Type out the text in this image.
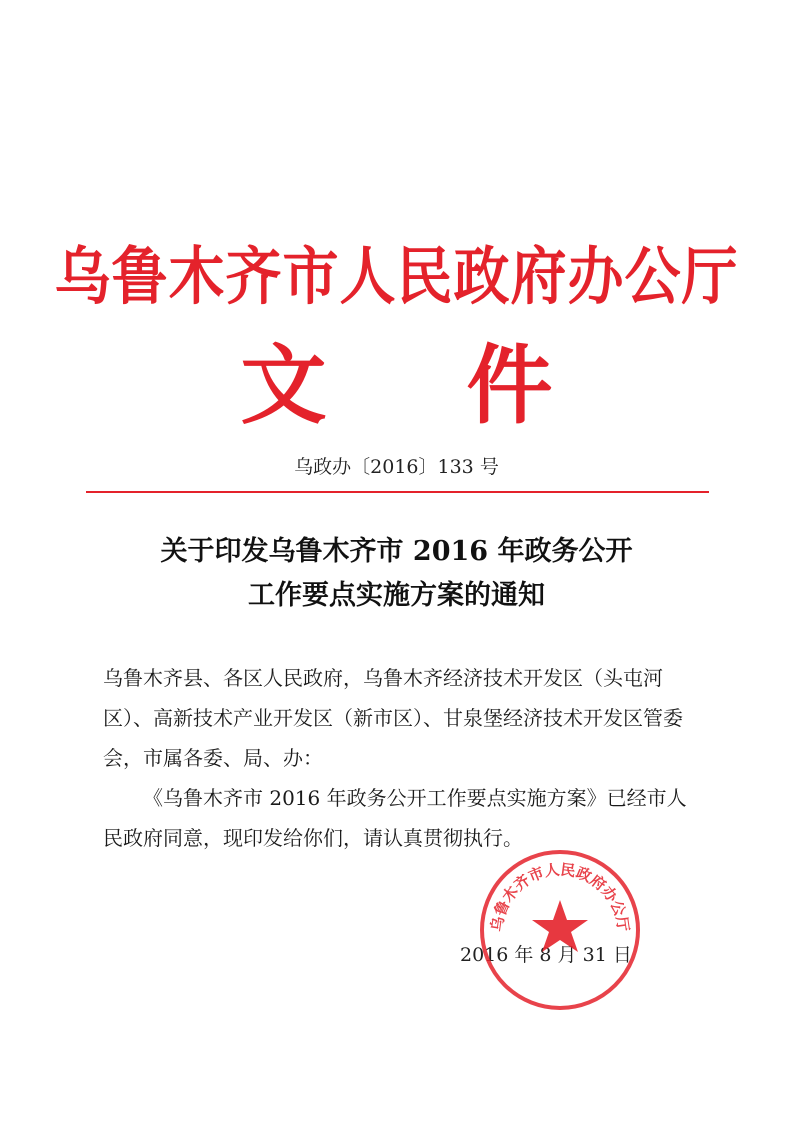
乌鲁木齐市人民政府办公厅
文 件
乌政办〔2016〕133 号
关于印发乌鲁木齐市 2016 年政务公开
工作要点实施方案的通知

乌鲁木齐县、各区人民政府，乌鲁木齐经济技术开发区（头屯河区）、高新技术产业开发区（新市区）、甘泉堡经济技术开发区管委会，市属各委、局、办：

《乌鲁木齐市 2016 年政务公开工作要点实施方案》已经市人民政府同意，现印发给你们，请认真贯彻执行。

2016 年 8 月 31 日
乌鲁木齐市人民政府办公厅
